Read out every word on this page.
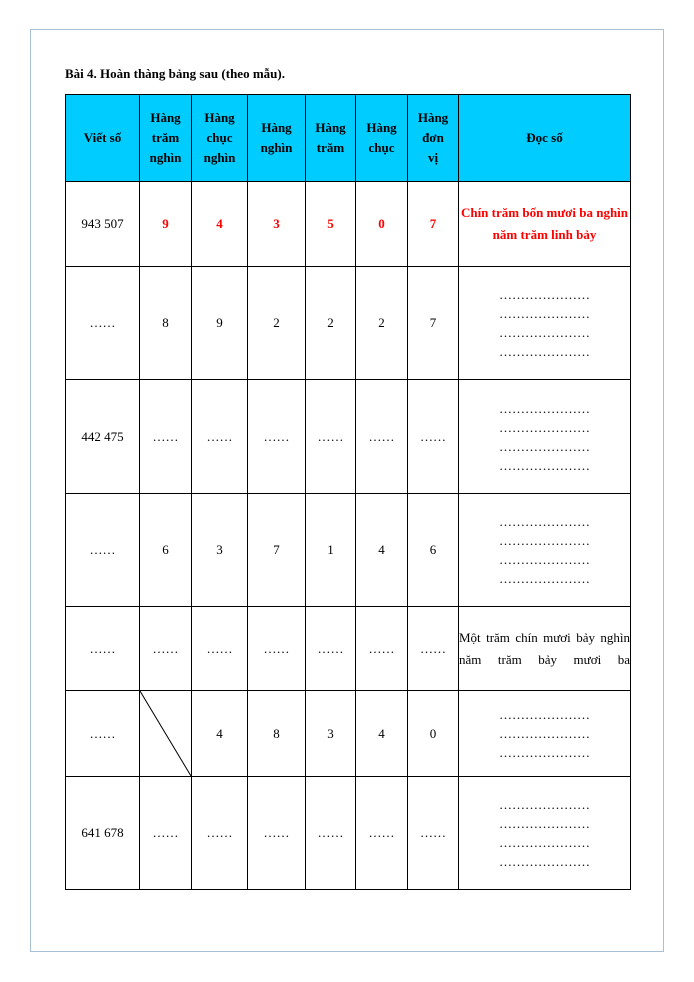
Bài 4. Hoàn thàng bảng sau (theo mẫu).
Viết số	Hàng
trăm
nghìn	Hàng
chục
nghìn	Hàng
nghìn	Hàng
trăm	Hàng
chục	Hàng
đơn
vị	Đọc số
943 507	9	4	3	5	0	7	Chín trăm bốn mươi ba nghìn năm trăm linh bảy
……	8	9	2	2	2	7	…………………
…………………
…………………
…………………

442 475	……	……	……	……	……	……	…………………
…………………
…………………
…………………

……	6	3	7	1	4	6	…………………
…………………
…………………
…………………

……	……	……	……	……	……	……	Một trăm chín mươi bảy nghìn năm trăm bảy mươi ba
……		4	8	3	4	0	…………………
…………………
…………………

641 678	……	……	……	……	……	……	…………………
…………………
…………………
…………………
